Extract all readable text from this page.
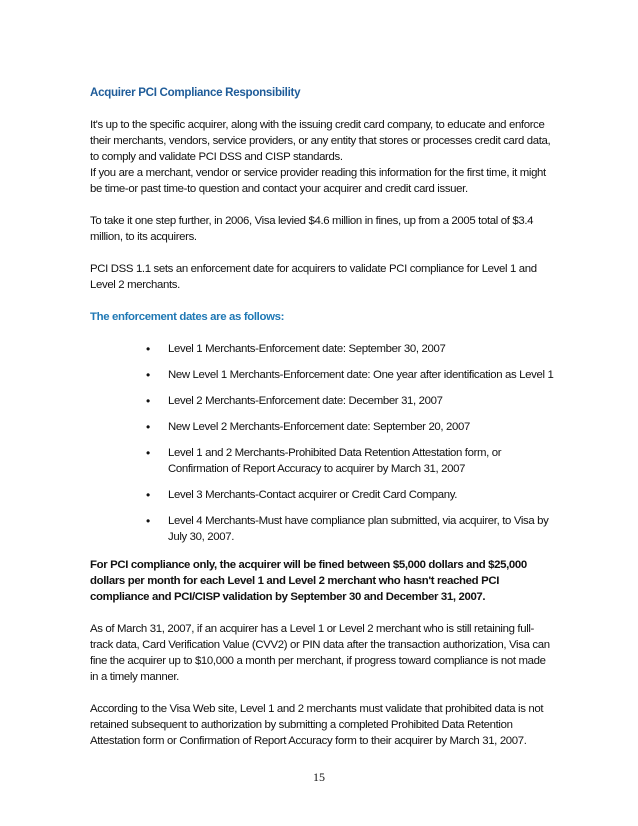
Acquirer PCI Compliance Responsibility

It's up to the specific acquirer, along with the issuing credit card company, to educate and enforce their merchants, vendors, service providers, or any entity that stores or processes credit card data, to comply and validate PCI DSS and CISP standards.
If you are a merchant, vendor or service provider reading this information for the first time, it might be time-or past time-to question and contact your acquirer and credit card issuer.

To take it one step further, in 2006, Visa levied $4.6 million in fines, up from a 2005 total of $3.4 million, to its acquirers.

PCI DSS 1.1 sets an enforcement date for acquirers to validate PCI compliance for Level 1 and Level 2 merchants.

The enforcement dates are as follows:
• Level 1 Merchants-Enforcement date: September 30, 2007
• New Level 1 Merchants-Enforcement date: One year after identification as Level 1
• Level 2 Merchants-Enforcement date: December 31, 2007
• New Level 2 Merchants-Enforcement date: September 20, 2007
• Level 1 and 2 Merchants-Prohibited Data Retention Attestation form, or Confirmation of Report Accuracy to acquirer by March 31, 2007
• Level 3 Merchants-Contact acquirer or Credit Card Company.
• Level 4 Merchants-Must have compliance plan submitted, via acquirer, to Visa by July 30, 2007.

For PCI compliance only, the acquirer will be fined between $5,000 dollars and $25,000 dollars per month for each Level 1 and Level 2 merchant who hasn't reached PCI compliance and PCI/CISP validation by September 30 and December 31, 2007.

As of March 31, 2007, if an acquirer has a Level 1 or Level 2 merchant who is still retaining full-track data, Card Verification Value (CVV2) or PIN data after the transaction authorization, Visa can fine the acquirer up to $10,000 a month per merchant, if progress toward compliance is not made in a timely manner.

According to the Visa Web site, Level 1 and 2 merchants must validate that prohibited data is not retained subsequent to authorization by submitting a completed Prohibited Data Retention Attestation form or Confirmation of Report Accuracy form to their acquirer by March 31, 2007.

15
